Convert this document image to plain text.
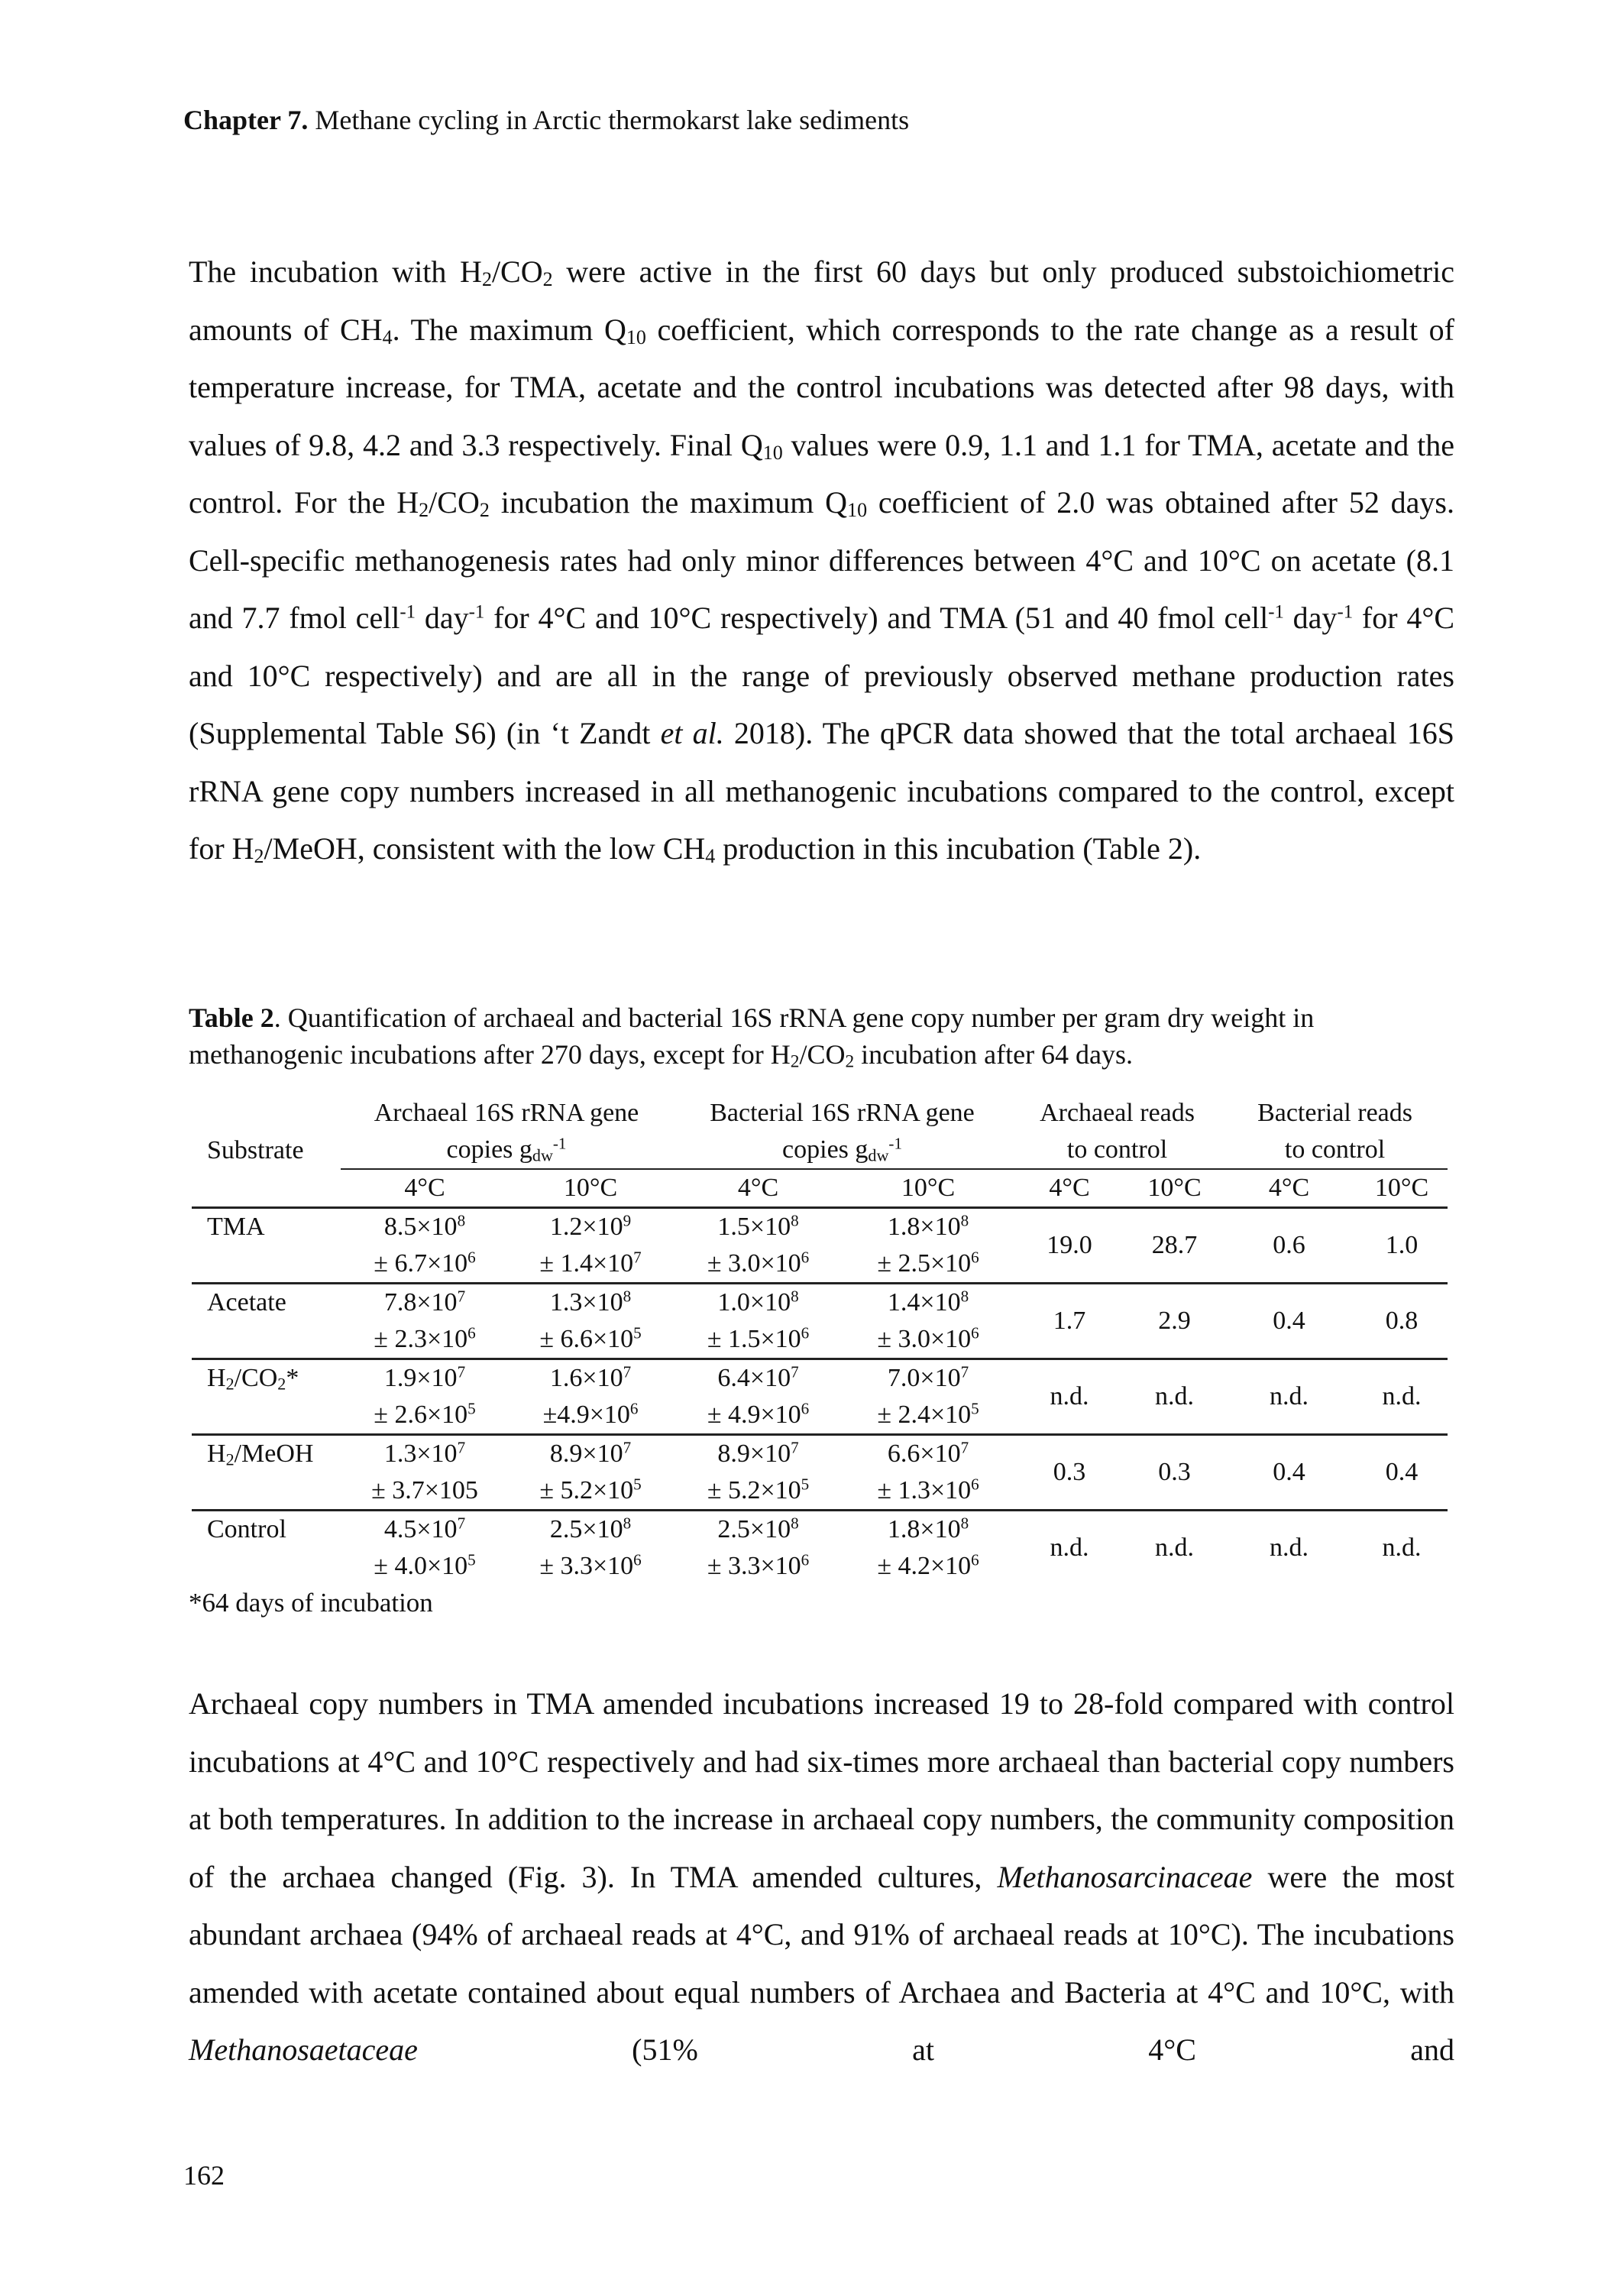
Chapter 7. Methane cycling in Arctic thermokarst lake sediments
The incubation with $H_2/CO_2$ were active in the first 60 days but only produced substoichiometric amounts of $CH_4$. The maximum $Q_{10}$ coefficient, which corresponds to the rate change as a result of temperature increase, for TMA, acetate and the control incubations was detected after 98 days, with values of 9.8, 4.2 and 3.3 respectively. Final $Q_{10}$ values were 0.9, 1.1 and 1.1 for TMA, acetate and the control. For the $H_2/CO_2$ incubation the maximum $Q_{10}$ coefficient of 2.0 was obtained after 52 days. Cell-specific methanogenesis rates had only minor differences between 4°C and 10°C on acetate (8.1 and 7.7 fmol cell$^{-1}$ day$^{-1}$ for 4°C and 10°C respectively) and TMA (51 and 40 fmol cell$^{-1}$ day$^{-1}$ for 4°C and 10°C respectively) and are all in the range of previously observed methane production rates (Supplemental Table S6) (in ‘t Zandt et al. 2018). The qPCR data showed that the total archaeal 16S rRNA gene copy numbers increased in all methanogenic incubations compared to the control, except for $H_2$/MeOH, consistent with the low $CH_4$ production in this incubation (Table 2).
Table 2. Quantification of archaeal and bacterial 16S rRNA gene copy number per gram dry weight in methanogenic incubations after 270 days, except for $H_2/CO_2$ incubation after 64 days.
Substrate	Archaeal 16S rRNA gene		Bacterial 16S rRNA gene		Archaeal reads		Bacterial reads	

	copies $g_{dw}^{-1}$		copies $g_{dw}^{-1}$		to control		to control	
	4°C	10°C	4°C	10°C	4°C	10°C	4°C	10°C
TMA	$8.5\times 10^8$	$1.2\times 10^9$	$1.5\times 10^8$	$1.8\times 10^8$	19.0	28.7	0.6	1.0
	± $6.7\times 10^6$	± $1.4\times 10^7$	± $3.0\times 10^6$	± $2.5\times 10^6$
Acetate	$7.8\times 10^7$	$1.3\times 10^8$	$1.0\times 10^8$	$1.4\times 10^8$	1.7	2.9	0.4	0.8
	± $2.3\times 10^6$	± $6.6\times 10^5$	± $1.5\times 10^6$	± $3.0\times 10^6$
$H_2/CO_2*$	$1.9\times 10^7$	$1.6\times 10^7$	$6.4\times 10^7$	$7.0\times 10^7$	n.d.	n.d.	n.d.	n.d.
	± $2.6\times 10^5$	$\pm 4.9\times 10^6$	± $4.9\times 10^6$	± $2.4\times 10^5$
$H_2$/MeOH	$1.3\times 10^7$	$8.9\times 10^7$	$8.9\times 10^7$	$6.6\times 10^7$	0.3	0.3	0.4	0.4
	± 3.7×105	± $5.2\times 10^5$	± $5.2\times 10^5$	± $1.3\times 10^6$
Control	$4.5\times 10^7$	$2.5\times 10^8$	$2.5\times 10^8$	$1.8\times 10^8$	n.d.	n.d.	n.d.	n.d.
	± $4.0\times 10^5$	± $3.3\times 10^6$	± $3.3\times 10^6$	± $4.2\times 10^6$
*64 days of incubation
Archaeal copy numbers in TMA amended incubations increased 19 to 28-fold compared with control incubations at 4°C and 10°C respectively and had six-times more archaeal than bacterial copy numbers at both temperatures. In addition to the increase in archaeal copy numbers, the community composition of the archaea changed (Fig. 3). In TMA amended cultures, Methanosarcinaceae were the most abundant archaea (94% of archaeal reads at 4°C, and 91% of archaeal reads at 10°C). The incubations amended with acetate contained about equal numbers of Archaea and Bacteria at 4°C and 10°C, with Methanosaetaceae (51% at 4°C and
162
